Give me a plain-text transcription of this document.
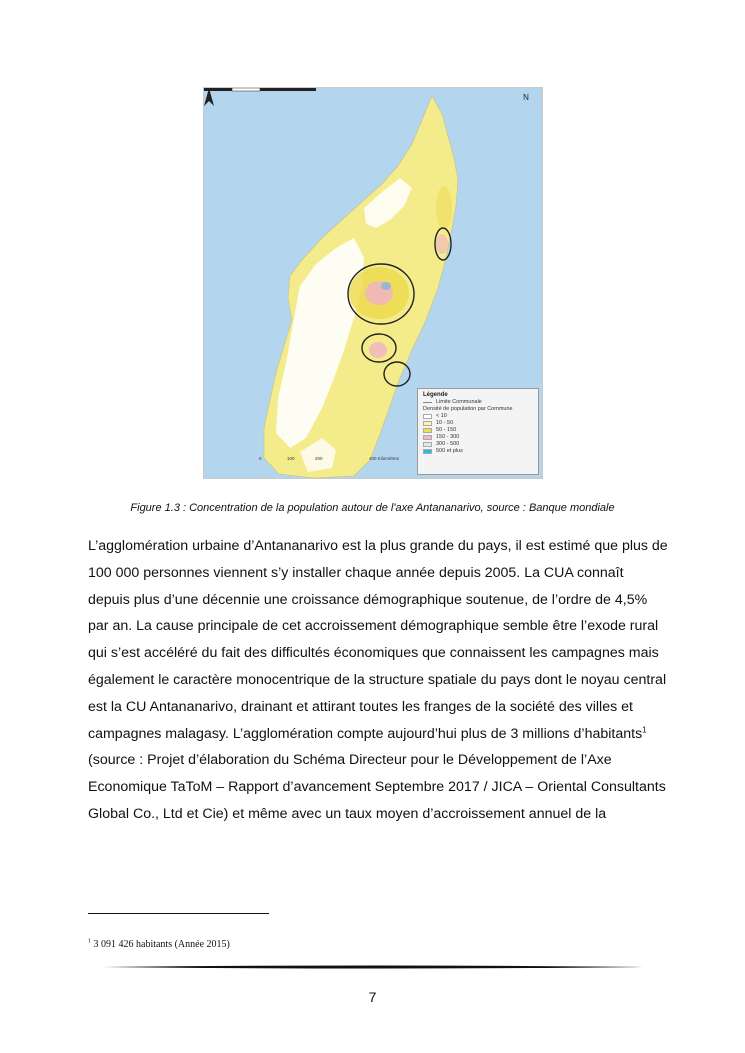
N
0	100	200	400 Kilomètres
Légende
Limite Communale
Densité de population par Commune
< 10
10 - 50
50 - 150
150 - 300
300 - 500
500 et plus
Figure 1.3 : Concentration de la population autour de l'axe Antananarivo, source : Banque mondiale

L’agglomération urbaine d’Antananarivo est la plus grande du pays, il est estimé que plus de 100 000 personnes viennent s’y installer chaque année depuis 2005. La CUA connaît depuis plus d’une décennie une croissance démographique soutenue, de l’ordre de 4,5% par an. La cause principale de cet accroissement démographique semble être l’exode rural qui s’est accéléré du fait des difficultés économiques que connaissent les campagnes mais également le caractère monocentrique de la structure spatiale du pays dont le noyau central est la CU Antananarivo, drainant et attirant toutes les franges de la société des villes et campagnes malagasy. L’agglomération compte aujourd’hui plus de 3 millions d’habitants$^1$ (source : Projet d’élaboration du Schéma Directeur pour le Développement de l’Axe Economique TaToM – Rapport d’avancement Septembre 2017 / JICA – Oriental Consultants Global Co., Ltd et Cie) et même avec un taux moyen d’accroissement annuel de la

$^1$ 3 091 426 habitants (Année 2015)

7
